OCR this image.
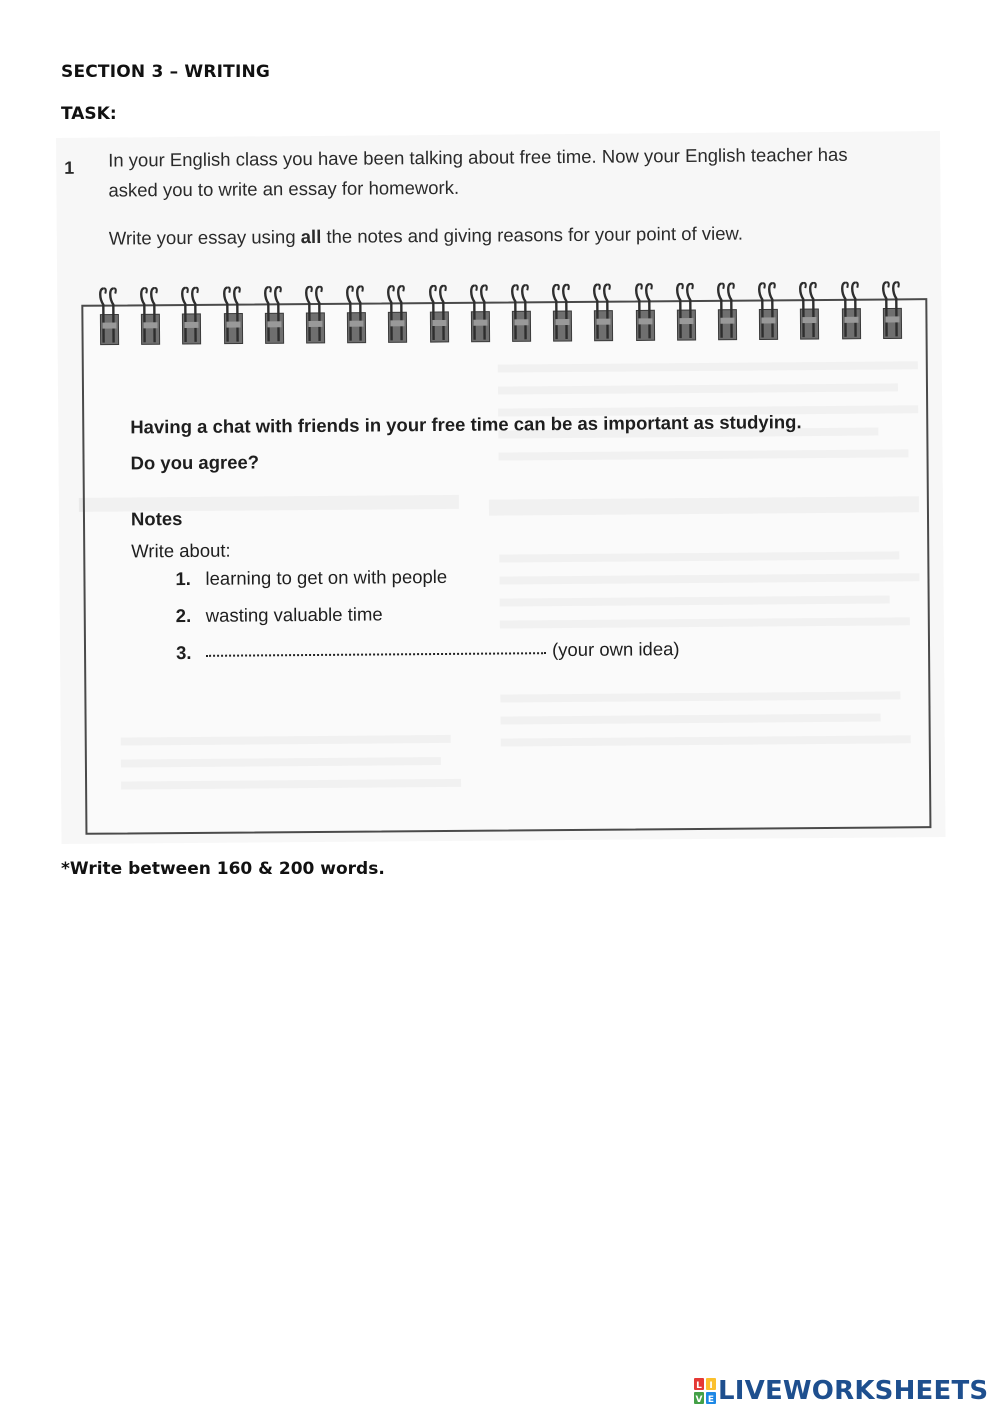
SECTION 3 – WRITING
TASK:
1 In your English class you have been talking about free time. Now your English teacher has
asked you to write an essay for homework.
Write your essay using all the notes and giving reasons for your point of view.
Having a chat with friends in your free time can be as important as studying.
Do you agree?
Notes
Write about:
1. learning to get on with people
2. wasting valuable time
3.	(your own idea)
*Write between 160 & 200 words.
L I
V E LIVEWORKSHEETS
